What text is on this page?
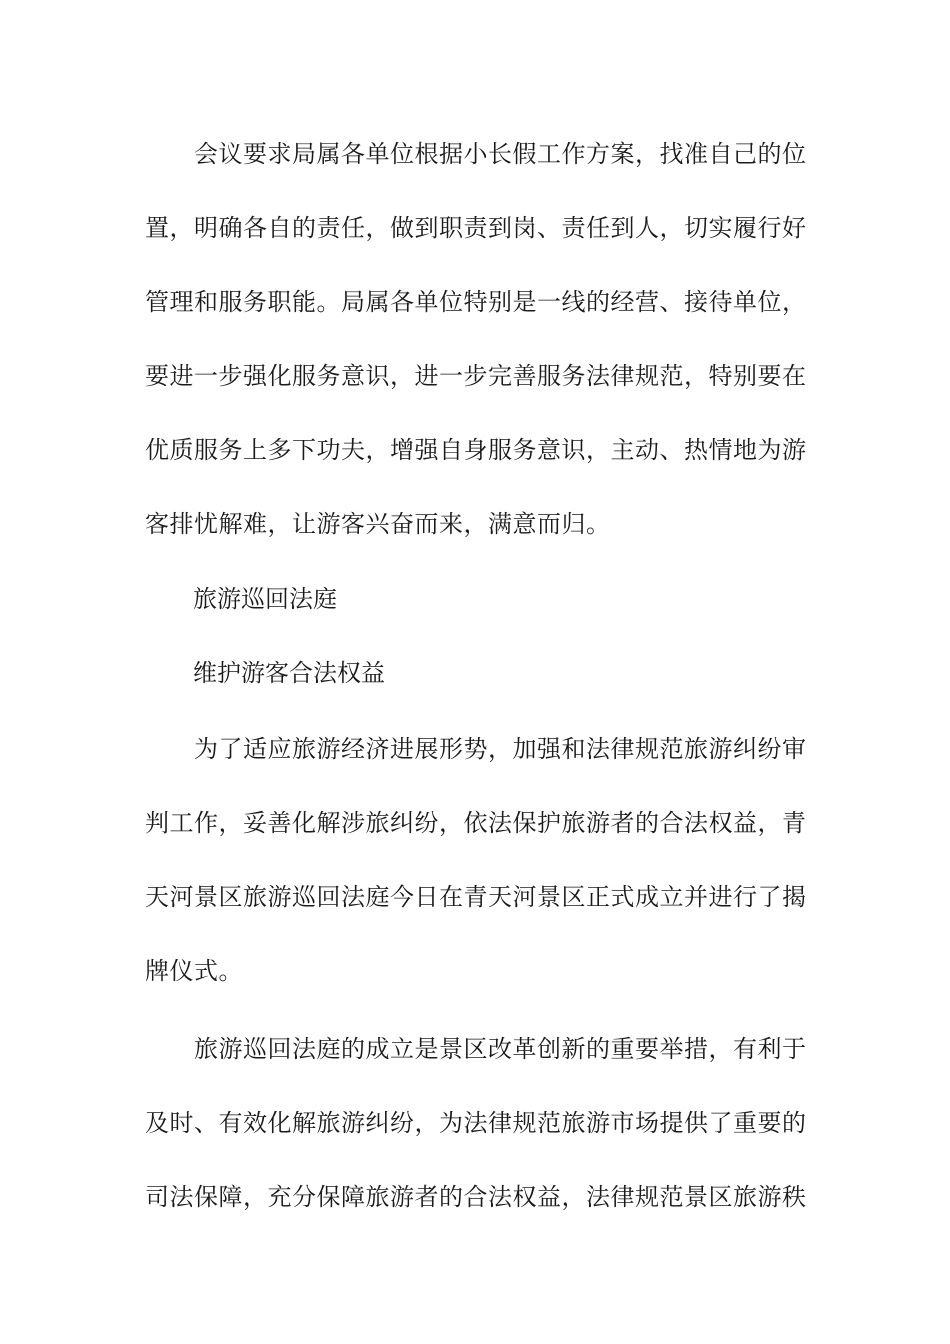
　　会议要求局属各单位根据小长假工作方案，找准自己的位
置，明确各自的责任，做到职责到岗、责任到人，切实履行好
管理和服务职能。局属各单位特别是一线的经营、接待单位，
要进一步强化服务意识，进一步完善服务法律规范，特别要在
优质服务上多下功夫，增强自身服务意识，主动、热情地为游
客排忧解难，让游客兴奋而来，满意而归。
旅游巡回法庭
维护游客合法权益
　　为了适应旅游经济进展形势，加强和法律规范旅游纠纷审
判工作，妥善化解涉旅纠纷，依法保护旅游者的合法权益，青
天河景区旅游巡回法庭今日在青天河景区正式成立并进行了揭
牌仪式。
　　旅游巡回法庭的成立是景区改革创新的重要举措，有利于
及时、有效化解旅游纠纷，为法律规范旅游市场提供了重要的
司法保障，充分保障旅游者的合法权益，法律规范景区旅游秩
